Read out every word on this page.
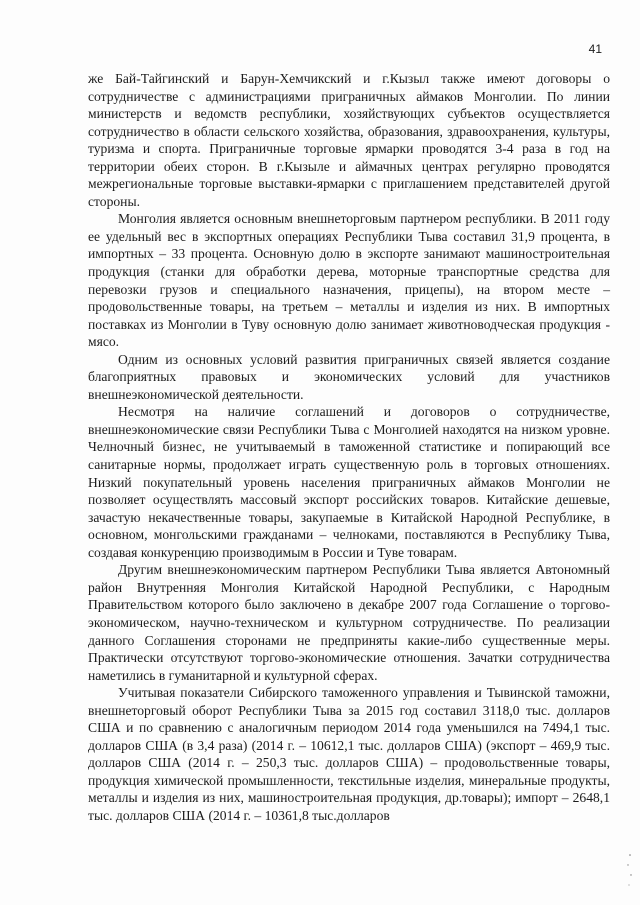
41

же Бай-Тайгинский и Барун-Хемчикский и г.Кызыл также имеют договоры о сотрудничестве с администрациями приграничных аймаков Монголии. По линии министерств и ведомств республики, хозяйствующих субъектов осуществляется сотрудничество в области сельского хозяйства, образования, здравоохранения, культуры, туризма и спорта. Приграничные торговые ярмарки проводятся 3-4 раза в год на территории обеих сторон. В г.Кызыле и аймачных центрах регулярно проводятся межрегиональные торговые выставки-ярмарки с приглашением представителей другой стороны.

Монголия является основным внешнеторговым партнером республики. В 2011 году ее удельный вес в экспортных операциях Республики Тыва составил 31,9 процента, в импортных – 33 процента. Основную долю в экспорте занимают машиностроительная продукция (станки для обработки дерева, моторные транспортные средства для перевозки грузов и специального назначения, прицепы), на втором месте – продовольственные товары, на третьем – металлы и изделия из них. В импортных поставках из Монголии в Туву основную долю занимает животноводческая продукция - мясо.

Одним из основных условий развития приграничных связей является создание благоприятных правовых и экономических условий для участников внешнеэкономической деятельности.

Несмотря на наличие соглашений и договоров о сотрудничестве, внешнеэкономические связи Республики Тыва с Монголией находятся на низком уровне. Челночный бизнес, не учитываемый в таможенной статистике и попирающий все санитарные нормы, продолжает играть существенную роль в торговых отношениях. Низкий покупательный уровень населения приграничных аймаков Монголии не позволяет осуществлять массовый экспорт российских товаров. Китайские дешевые, зачастую некачественные товары, закупаемые в Китайской Народной Республике, в основном, монгольскими гражданами – челноками, поставляются в Республику Тыва, создавая конкуренцию производимым в России и Туве товарам.

Другим внешнеэкономическим партнером Республики Тыва является Автономный район Внутренняя Монголия Китайской Народной Республики, с Народным Правительством которого было заключено в декабре 2007 года Соглашение о торгово-экономическом, научно-техническом и культурном сотрудничестве. По реализации данного Соглашения сторонами не предприняты какие-либо существенные меры. Практически отсутствуют торгово-экономические отношения. Зачатки сотрудничества наметились в гуманитарной и культурной сферах.

Учитывая показатели Сибирского таможенного управления и Тывинской таможни, внешнеторговый оборот Республики Тыва за 2015 год составил 3118,0 тыс. долларов США и по сравнению с аналогичным периодом 2014 года уменьшился на 7494,1 тыс. долларов США (в 3,4 раза) (2014 г. – 10612,1 тыс. долларов США) (экспорт – 469,9 тыс. долларов США (2014 г. – 250,3 тыс. долларов США) – продовольственные товары, продукция химической промышленности, текстильные изделия, минеральные продукты, металлы и изделия из них, машиностроительная продукция, др.товары); импорт – 2648,1 тыс. долларов США (2014 г. – 10361,8 тыс.долларов
